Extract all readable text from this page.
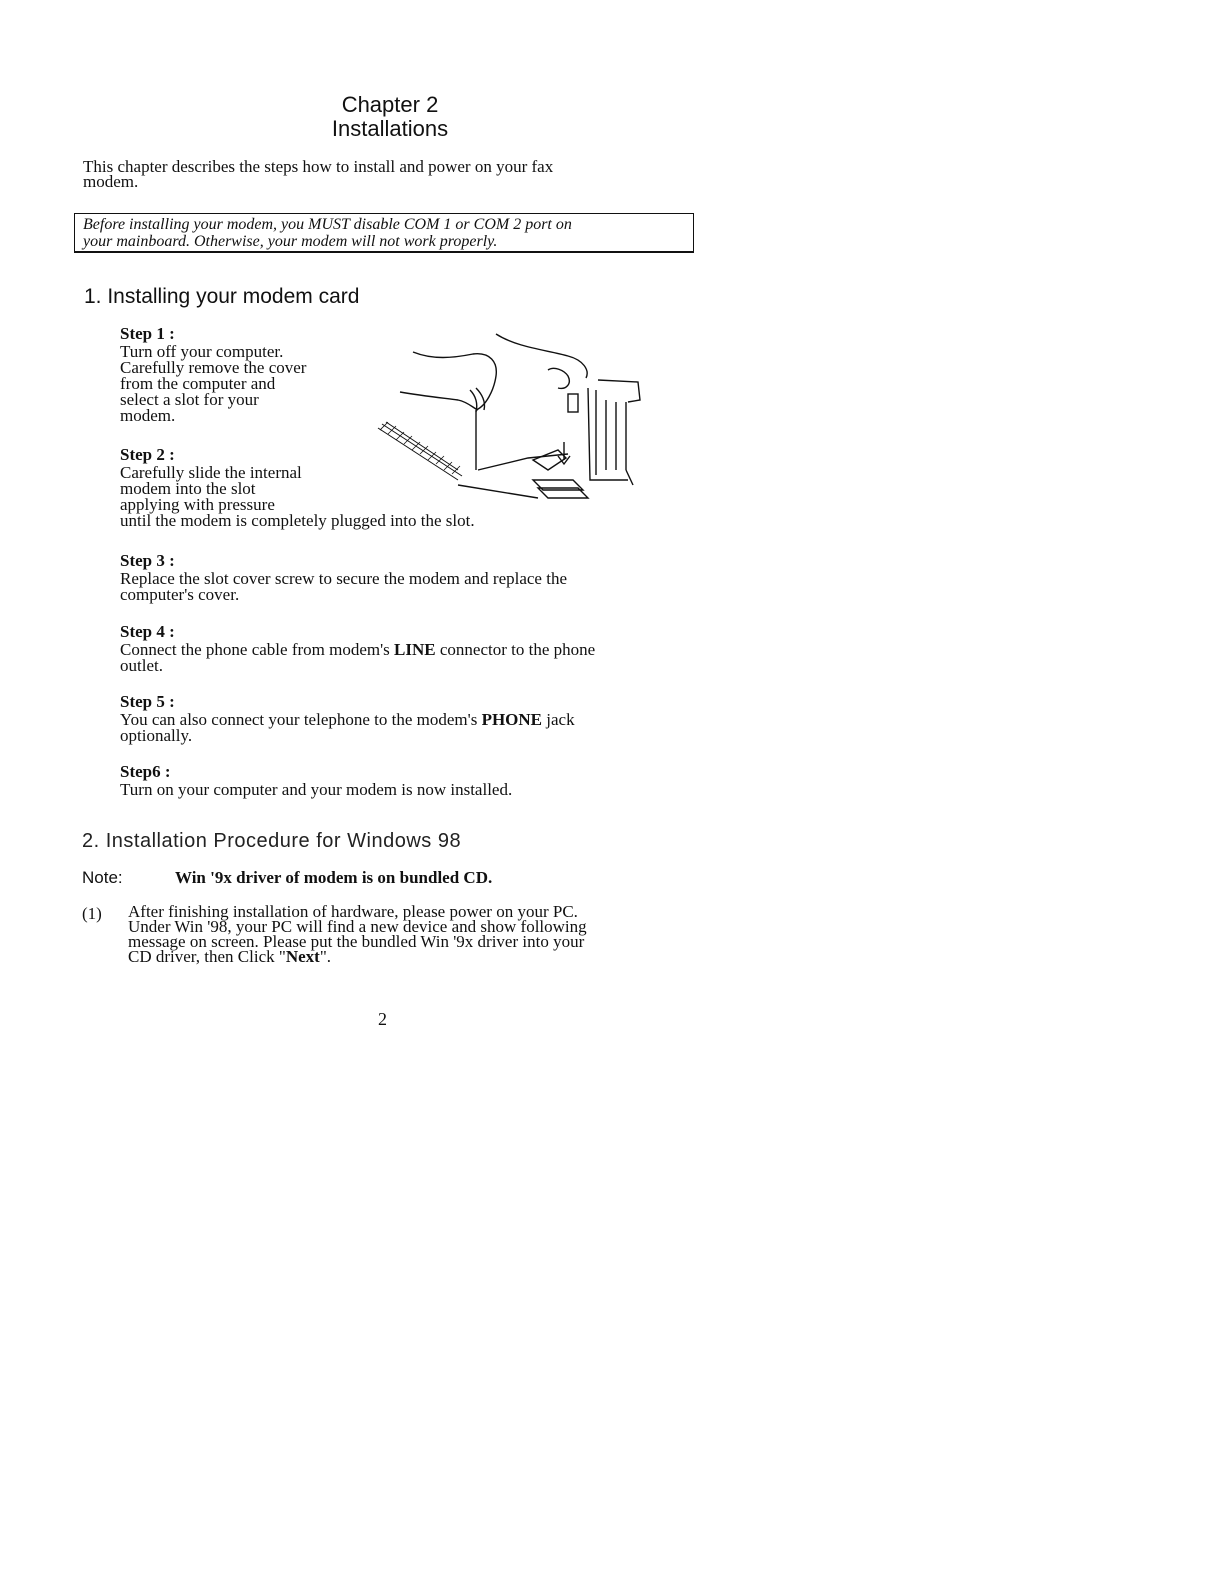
Chapter 2
Installations
This chapter describes the steps how to install and power on your fax
modem.
Before installing your modem, you MUST disable COM 1 or COM 2 port on
your mainboard. Otherwise, your modem will not work properly.
1. Installing your modem card
Step 1 :
Turn off your computer.
Carefully remove the cover
from the computer and
select a slot for your
modem.
Step 2 :
Carefully slide the internal
modem into the slot
applying with pressure
until the modem is completely plugged into the slot.
Step 3 :
Replace the slot cover screw to secure the modem and replace the
computer's cover.
Step 4 :
Connect the phone cable from modem's LINE connector to the phone
outlet.
Step 5 :
You can also connect your telephone to the modem's PHONE jack
optionally.
Step6 :
Turn on your computer and your modem is now installed.
2. Installation Procedure for Windows 98
Note:	Win '9x driver of modem is on bundled CD.
(1) After finishing installation of hardware, please power on your PC.
Under Win '98, your PC will find a new device and show following
message on screen. Please put the bundled Win '9x driver into your
CD driver, then Click "Next".
2
